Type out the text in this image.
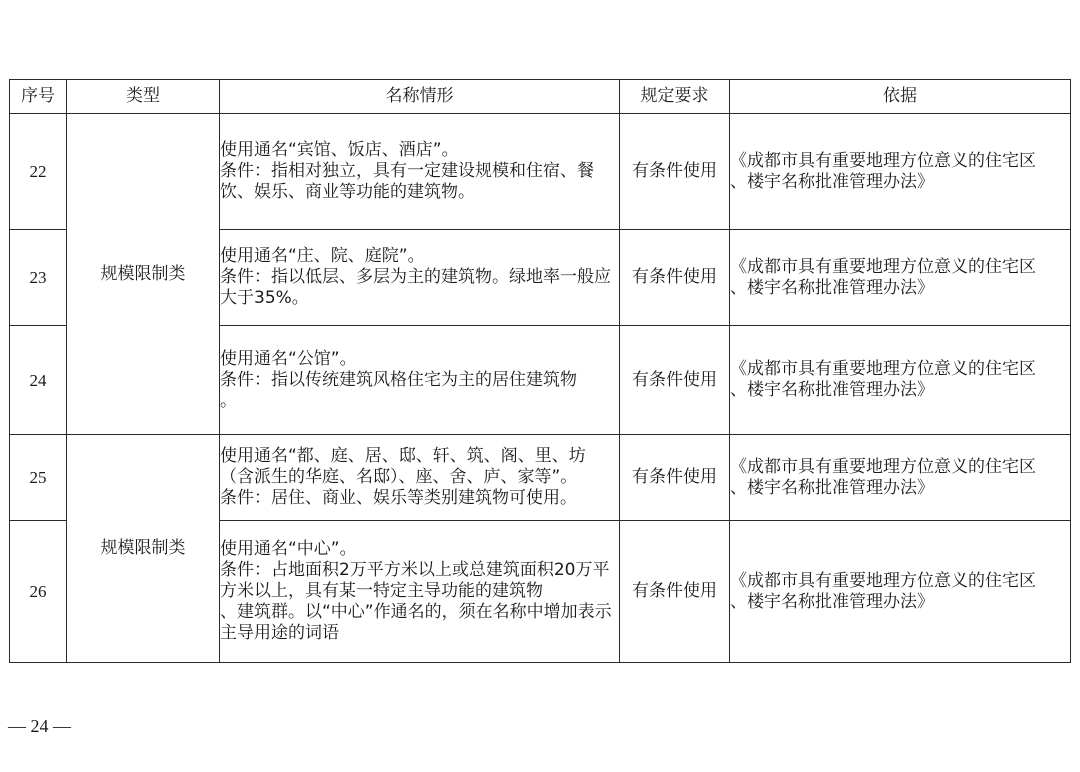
序号	类型	名称情形	规定要求	依据
22	规模限制类	使用通名“宾馆、饭店、酒店”。
条件：指相对独立，具有一定建设规模和住宿、餐饮、娱乐、商业等功能的建筑物。	有条件使用	《成都市具有重要地理方位意义的住宅区
、楼宇名称批准管理办法》
23		使用通名“庄、院、庭院”。
条件：指以低层、多层为主的建筑物。绿地率一般应大于35%。	有条件使用	《成都市具有重要地理方位意义的住宅区
、楼宇名称批准管理办法》
24		使用通名“公馆”。
条件：指以传统建筑风格住宅为主的居住建筑物
。	有条件使用	《成都市具有重要地理方位意义的住宅区
、楼宇名称批准管理办法》
25	规模限制类	使用通名“都、庭、居、邸、轩、筑、阁、里、坊（含派生的华庭、名邸）、座、舍、庐、家等”。
条件：居住、商业、娱乐等类别建筑物可使用。	有条件使用	《成都市具有重要地理方位意义的住宅区
、楼宇名称批准管理办法》
26		使用通名“中心”。
条件：占地面积2万平方米以上或总建筑面积20万平方米以上，具有某一特定主导功能的建筑物
、建筑群。以“中心”作通名的，须在名称中增加表示主导用途的词语	有条件使用	《成都市具有重要地理方位意义的住宅区
、楼宇名称批准管理办法》
— 24 —
